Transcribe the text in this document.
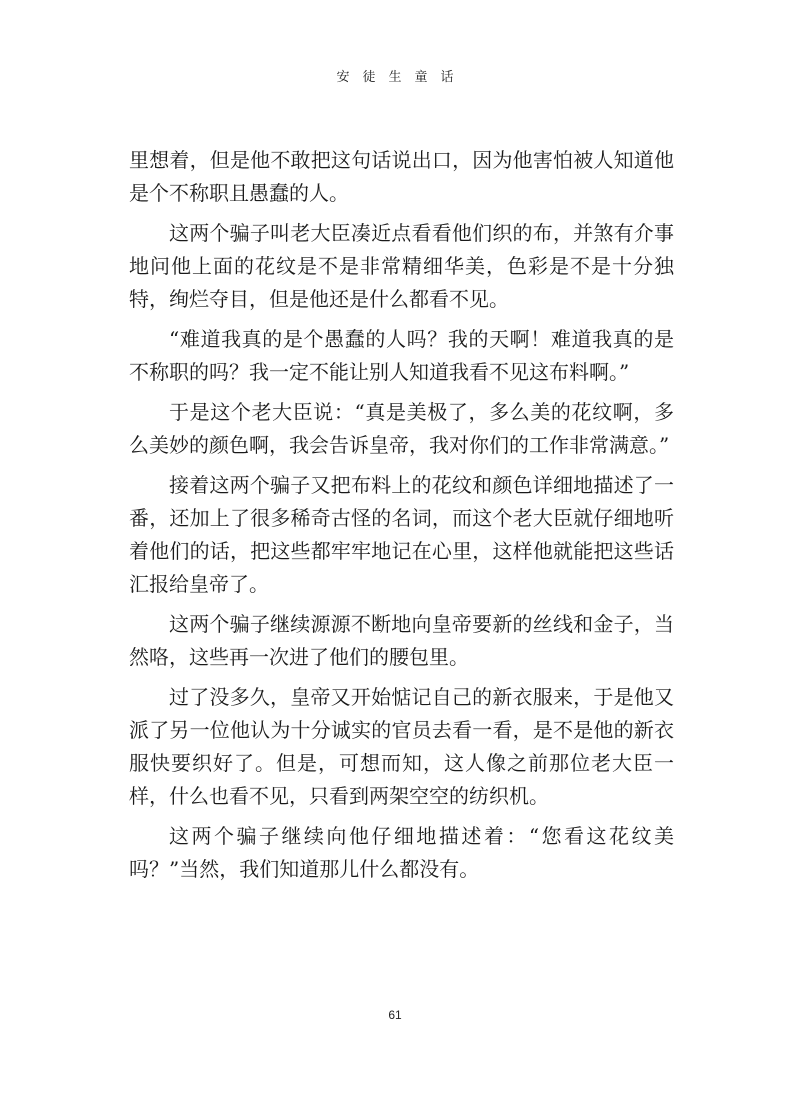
安徒生童话

里想着，但是他不敢把这句话说出口，因为他害怕被人知道他是个不称职且愚蠢的人。

这两个骗子叫老大臣凑近点看看他们织的布，并煞有介事地问他上面的花纹是不是非常精细华美，色彩是不是十分独特，绚烂夺目，但是他还是什么都看不见。

“难道我真的是个愚蠢的人吗？我的天啊！难道我真的是不称职的吗？我一定不能让别人知道我看不见这布料啊。”

于是这个老大臣说：“真是美极了，多么美的花纹啊，多么美妙的颜色啊，我会告诉皇帝，我对你们的工作非常满意。”

接着这两个骗子又把布料上的花纹和颜色详细地描述了一番，还加上了很多稀奇古怪的名词，而这个老大臣就仔细地听着他们的话，把这些都牢牢地记在心里，这样他就能把这些话汇报给皇帝了。

这两个骗子继续源源不断地向皇帝要新的丝线和金子，当然咯，这些再一次进了他们的腰包里。

过了没多久，皇帝又开始惦记自己的新衣服来，于是他又派了另一位他认为十分诚实的官员去看一看，是不是他的新衣服快要织好了。但是，可想而知，这人像之前那位老大臣一样，什么也看不见，只看到两架空空的纺织机。

这两个骗子继续向他仔细地描述着：“您看这花纹美吗？”当然，我们知道那儿什么都没有。

61
